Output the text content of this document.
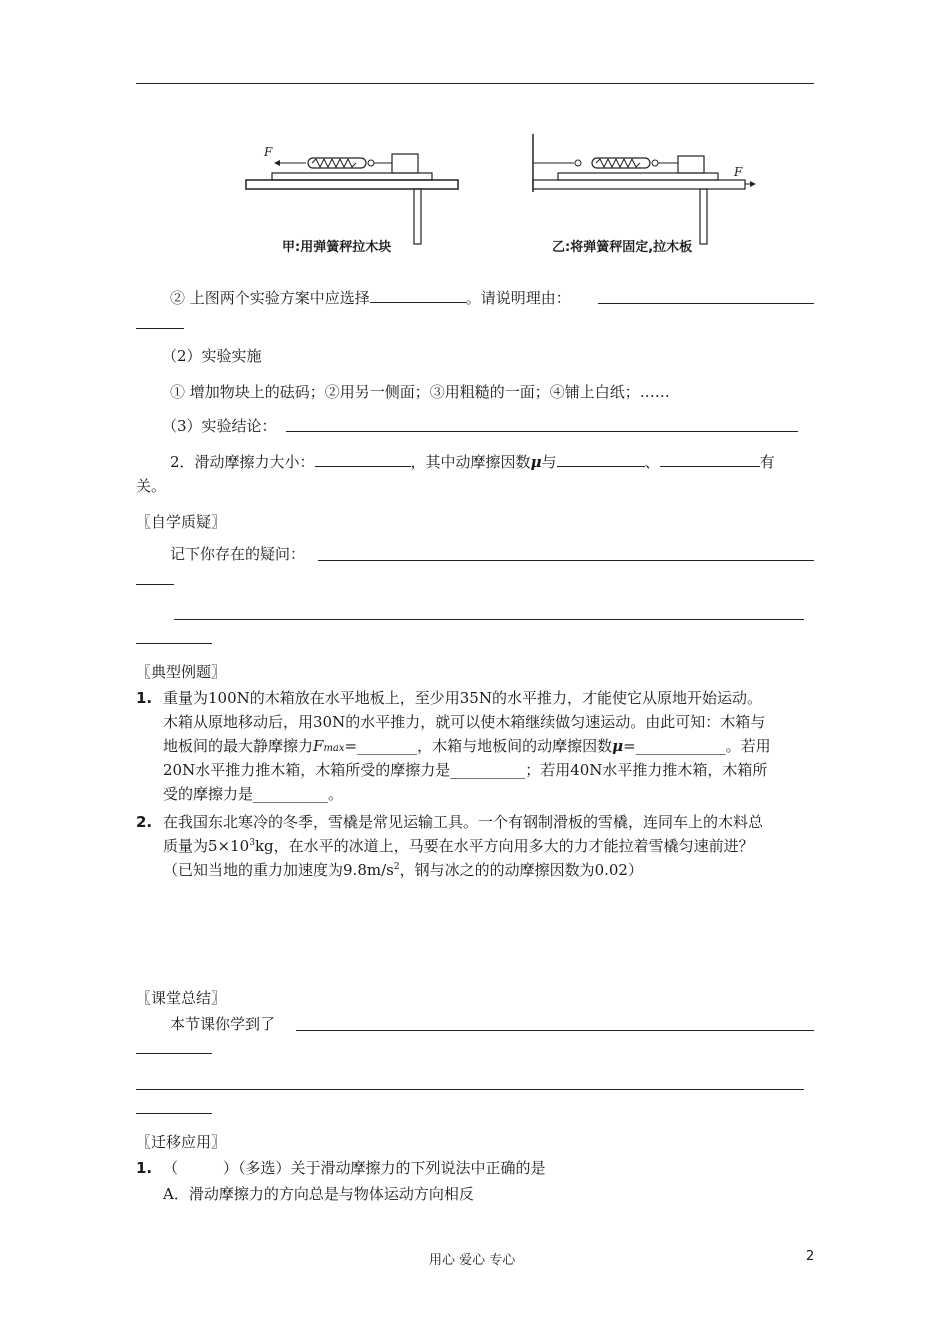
F
F
甲:用弹簧秤拉木块	乙:将弹簧秤固定,拉木板
② 上图两个实验方案中应选择	。请说明理由：
（2）实验实施
① 增加物块上的砝码；②用另一侧面；③用粗糙的一面；④铺上白纸；……
（3）实验结论：
2．滑动摩擦力大小：	，其中动摩擦因数μ与	、	有
关。
〖自学质疑〗
记下你存在的疑问：
〖典型例题〗
1. 重量为100N的木箱放在水平地板上，至少用35N的水平推力，才能使它从原地开始运动。
木箱从原地移动后，用30N的水平推力，就可以使木箱继续做匀速运动。由此可知：木箱与
地板间的最大静摩擦力Fmax=________，木箱与地板间的动摩擦因数μ=____________。若用
20N水平推力推木箱，木箱所受的摩擦力是__________；若用40N水平推力推木箱，木箱所
受的摩擦力是__________。
2. 在我国东北寒冷的冬季，雪橇是常见运输工具。一个有钢制滑板的雪橇，连同车上的木料总
质量为$5\times 10^3kg$，在水平的冰道上，马要在水平方向用多大的力才能拉着雪橇匀速前进？
（已知当地的重力加速度为$9.8m/s^2$，钢与冰之的的动摩擦因数为0.02）
〖课堂总结〗
本节课你学到了
〖迁移应用〗
1. （　　　）（多选）关于滑动摩擦力的下列说法中正确的是
A．滑动摩擦力的方向总是与物体运动方向相反
用心 爱心 专心	2
